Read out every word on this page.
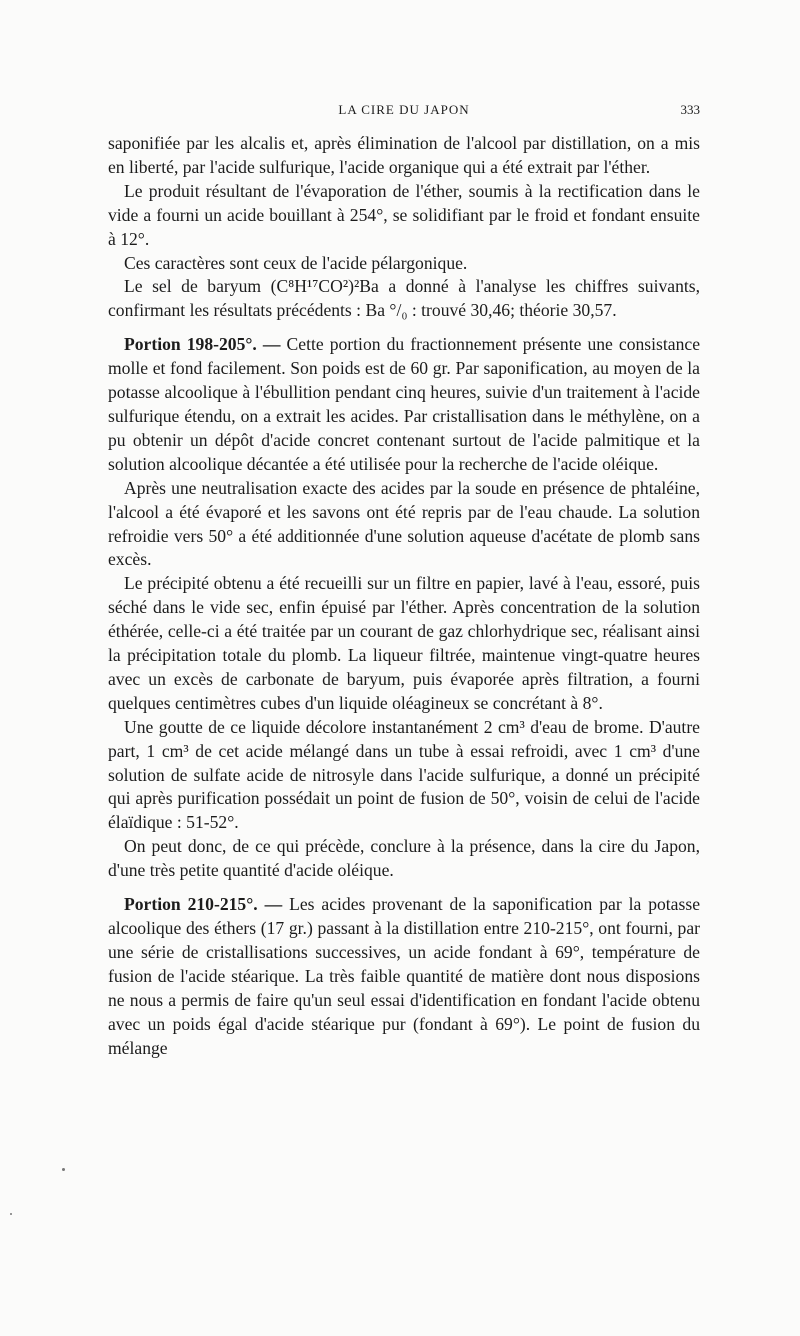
LA CIRE DU JAPON	333

saponifiée par les alcalis et, après élimination de l'alcool par distillation, on a mis en liberté, par l'acide sulfurique, l'acide organique qui a été extrait par l'éther.

Le produit résultant de l'évaporation de l'éther, soumis à la rectification dans le vide a fourni un acide bouillant à 254°, se solidifiant par le froid et fondant ensuite à 12°.

Ces caractères sont ceux de l'acide pélargonique.

Le sel de baryum (C⁸H¹⁷CO²)²Ba a donné à l'analyse les chiffres suivants, confirmant les résultats précédents : Ba °/₀ : trouvé 30,46; théorie 30,57.

Portion 198-205°. — Cette portion du fractionnement présente une consistance molle et fond facilement. Son poids est de 60 gr. Par saponification, au moyen de la potasse alcoolique à l'ébullition pendant cinq heures, suivie d'un traitement à l'acide sulfurique étendu, on a extrait les acides. Par cristallisation dans le méthylène, on a pu obtenir un dépôt d'acide concret contenant surtout de l'acide palmitique et la solution alcoolique décantée a été utilisée pour la recherche de l'acide oléique.

Après une neutralisation exacte des acides par la soude en présence de phtaléine, l'alcool a été évaporé et les savons ont été repris par de l'eau chaude. La solution refroidie vers 50° a été additionnée d'une solution aqueuse d'acétate de plomb sans excès.

Le précipité obtenu a été recueilli sur un filtre en papier, lavé à l'eau, essoré, puis séché dans le vide sec, enfin épuisé par l'éther. Après concentration de la solution éthérée, celle-ci a été traitée par un courant de gaz chlorhydrique sec, réalisant ainsi la précipitation totale du plomb. La liqueur filtrée, maintenue vingt-quatre heures avec un excès de carbonate de baryum, puis évaporée après filtration, a fourni quelques centimètres cubes d'un liquide oléagineux se concrétant à 8°.

Une goutte de ce liquide décolore instantanément 2 cm³ d'eau de brome. D'autre part, 1 cm³ de cet acide mélangé dans un tube à essai refroidi, avec 1 cm³ d'une solution de sulfate acide de nitrosyle dans l'acide sulfurique, a donné un précipité qui après purification possédait un point de fusion de 50°, voisin de celui de l'acide élaïdique : 51-52°.

On peut donc, de ce qui précède, conclure à la présence, dans la cire du Japon, d'une très petite quantité d'acide oléique.

Portion 210-215°. — Les acides provenant de la saponification par la potasse alcoolique des éthers (17 gr.) passant à la distillation entre 210-215°, ont fourni, par une série de cristallisations successives, un acide fondant à 69°, température de fusion de l'acide stéarique. La très faible quantité de matière dont nous disposions ne nous a permis de faire qu'un seul essai d'identification en fondant l'acide obtenu avec un poids égal d'acide stéarique pur (fondant à 69°). Le point de fusion du mélange
